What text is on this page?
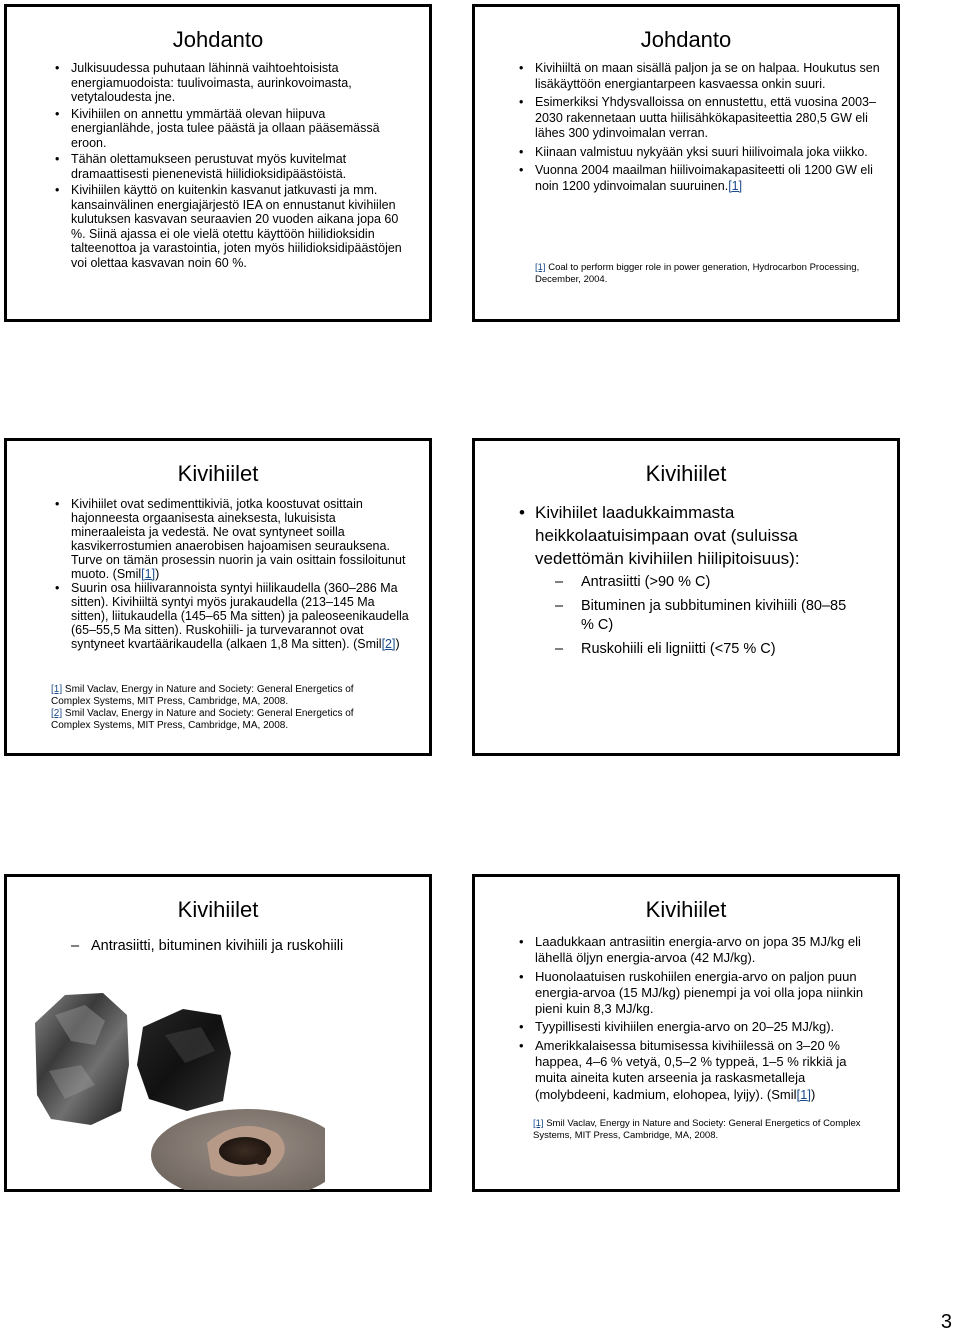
Johdanto
• Julkisuudessa puhutaan lähinnä vaihtoehtoisista energiamuodoista: tuulivoimasta, aurinkovoimasta, vetytaloudesta jne.
• Kivihiilen on annettu ymmärtää olevan hiipuva energianlähde, josta tulee päästä ja ollaan pääsemässä eroon.
• Tähän olettamukseen perustuvat myös kuvitelmat dramaattisesti pienenevistä hiilidioksidipäästöistä.
• Kivihiilen käyttö on kuitenkin kasvanut jatkuvasti ja mm. kansainvälinen energiajärjestö IEA on ennustanut kivihiilen kulutuksen kasvavan seuraavien 20 vuoden aikana jopa 60 %. Siinä ajassa ei ole vielä otettu käyttöön hiilidioksidin talteenottoa ja varastointia, joten myös hiilidioksidipäästöjen voi olettaa kasvavan noin 60 %.
Johdanto
• Kivihiiltä on maan sisällä paljon ja se on halpaa. Houkutus sen lisäkäyttöön energiantarpeen kasvaessa onkin suuri.
• Esimerkiksi Yhdysvalloissa on ennustettu, että vuosina 2003–2030 rakennetaan uutta hiilisähkökapasiteettia 280,5 GW eli lähes 300 ydinvoimalan verran.
• Kiinaan valmistuu nykyään yksi suuri hiilivoimala joka viikko.
• Vuonna 2004 maailman hiilivoimakapasiteetti oli 1200 GW eli noin 1200 ydinvoimalan suuruinen.[1]
[1] Coal to perform bigger role in power generation, Hydrocarbon Processing, December, 2004.
Kivihiilet
• Kivihiilet ovat sedimenttikiviä, jotka koostuvat osittain hajonneesta orgaanisesta aineksesta, lukuisista mineraaleista ja vedestä. Ne ovat syntyneet soilla kasvikerrostumien anaerobisen hajoamisen seurauksena. Turve on tämän prosessin nuorin ja vain osittain fossiloitunut muoto. (Smil[1])
• Suurin osa hiilivarannoista syntyi hiilikaudella (360–286 Ma sitten). Kivihiiltä syntyi myös jurakaudella (213–145 Ma sitten), liitukaudella (145–65 Ma sitten) ja paleoseenikaudella (65–55,5 Ma sitten). Ruskohiili- ja turvevarannot ovat syntyneet kvartäärikaudella (alkaen 1,8 Ma sitten). (Smil[2])
[1] Smil Vaclav, Energy in Nature and Society: General Energetics of Complex Systems, MIT Press, Cambridge, MA, 2008.
[2] Smil Vaclav, Energy in Nature and Society: General Energetics of Complex Systems, MIT Press, Cambridge, MA, 2008.
Kivihiilet
• Kivihiilet laadukkaimmasta heikkolaatuisimpaan ovat (suluissa vedettömän kivihiilen hiilipitoisuus):
– Antrasiitti (>90 % C)
– Bituminen ja subbituminen kivihiili (80–85 % C)
– Ruskohiili eli ligniitti (<75 % C)
Kivihiilet
– Antrasiitti, bituminen kivihiili ja ruskohiili
Kivihiilet
• Laadukkaan antrasiitin energia-arvo on jopa 35 MJ/kg eli lähellä öljyn energia-arvoa (42 MJ/kg).
• Huonolaatuisen ruskohiilen energia-arvo on paljon puun energia-arvoa (15 MJ/kg) pienempi ja voi olla jopa niinkin pieni kuin 8,3 MJ/kg.
• Tyypillisesti kivihiilen energia-arvo on 20–25 MJ/kg).
• Amerikkalaisessa bitumisessa kivihiilessä on 3–20 % happea, 4–6 % vetyä, 0,5–2 % typpeä, 1–5 % rikkiä ja muita aineita kuten arseenia ja raskasmetalleja (molybdeeni, kadmium, elohopea, lyijy). (Smil[1])
[1] Smil Vaclav, Energy in Nature and Society: General Energetics of Complex Systems, MIT Press, Cambridge, MA, 2008.
3
